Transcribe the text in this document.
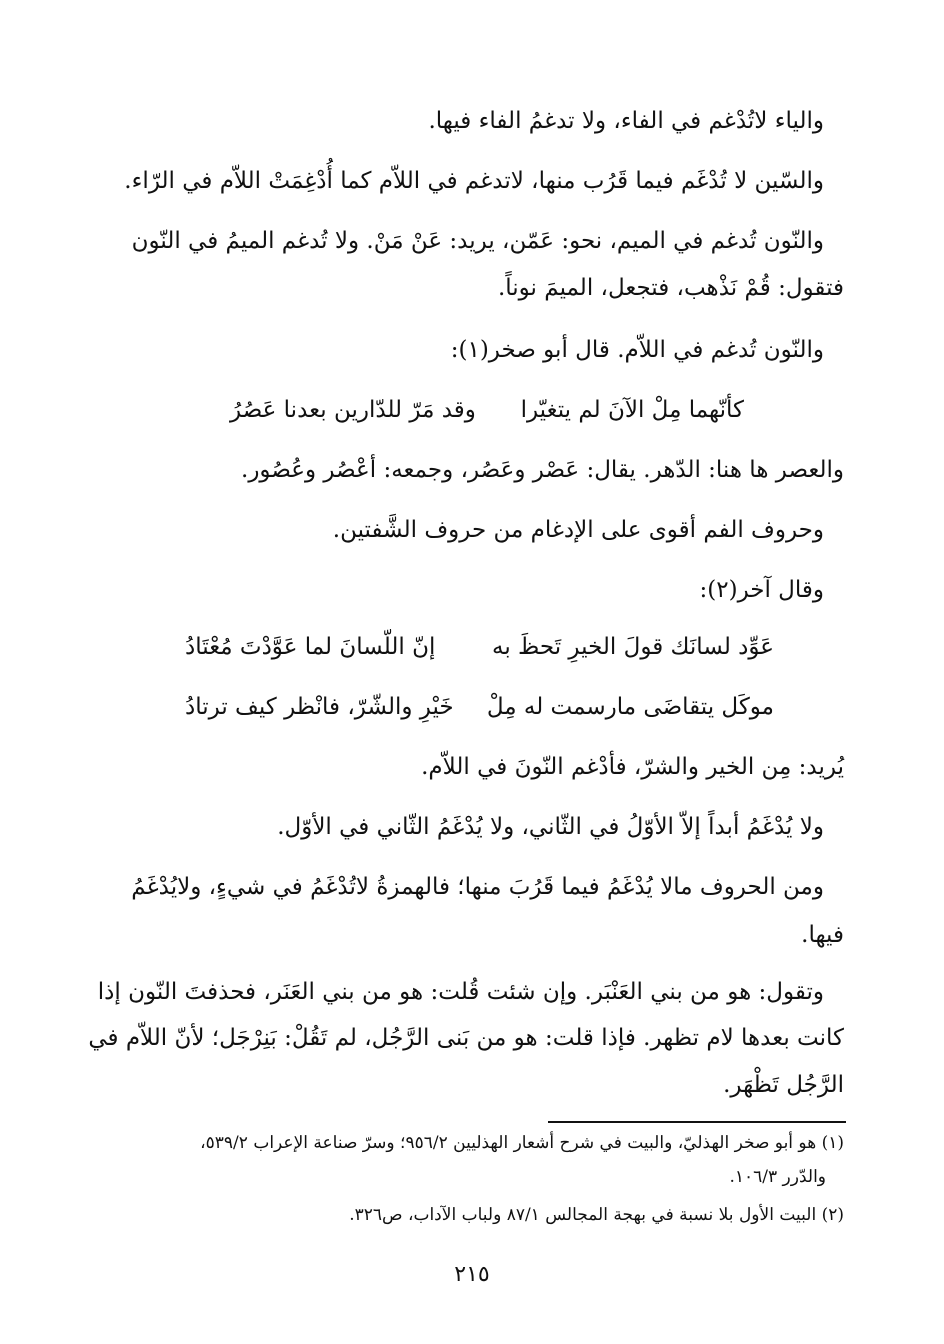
والياء لاتُدْغم في الفاء، ولا تدغمُ الفاء فيها.
والسّين لا تُدْغَم فيما قَرُب منها، لاتدغم في اللاّم كما أُدْغِمَتْ اللاّم في الرّاء.
والنّون تُدغم في الميم، نحو: عَمّن، يريد: عَنْ مَنْ. ولا تُدغم الميمُ في النّون
فتقول: قُمْ نَذْهب، فتجعل، الميمَ نوناً.
والنّون تُدغم في اللاّم. قال أبو صخر(١):
كأنّهما مِلْ الآنَ لم يتغيّرا
وقد مَرّ للدّارين بعدنا عَصُرُ
والعصر ها هنا: الدّهر. يقال: عَصْر وعَصُر، وجمعه: أعْصُر وعُصُور.
وحروف الفم أقوى على الإدغام من حروف الشَّفتين.
وقال آخر(٢):
عَوِّد لسانَك قولَ الخيرِ تَحظَ به
إنّ اللّسانَ لما عَوَّدْتَ مُعْتَادُ
موكَل يتقاضَى مارسمت له مِلْ
خَيْرِ والشّرّ، فانْظر كيف ترتادُ
يُريد: مِن الخير والشرّ، فأدْغم النّونَ في اللاّم.
ولا يُدْغَمُ أبداً إلاّ الأوّلُ في الثّاني، ولا يُدْغَمُ الثّاني في الأوّل.
ومن الحروف مالا يُدْغَمُ فيما قَرُبَ منها؛ فالهمزةُ لاتُدْغَمُ في شيءٍ، ولايُدْغَمُ
فيها.
وتقول: هو من بني العَنْبَر. وإن شئت قُلت: هو من بني العَنَر، فحذفتَ النّون إذا
كانت بعدها لام تظهر. فإذا قلت: هو من بَنى الرَّجُل، لم تَقُلْ: بَنِرْجَل؛ لأنّ اللاّم في
الرَّجُل تَظْهَر.
(١) هو أبو صخر الهذليّ، والبيت في شرح أشعار الهذليين ٩٥٦/٢؛ وسرّ صناعة الإعراب ٥٣٩/٢،
والدّرر ١٠٦/٣.
(٢) البيت الأول بلا نسبة في بهجة المجالس ٨٧/١ ولباب الآداب، ص٣٢٦.
٢١٥
